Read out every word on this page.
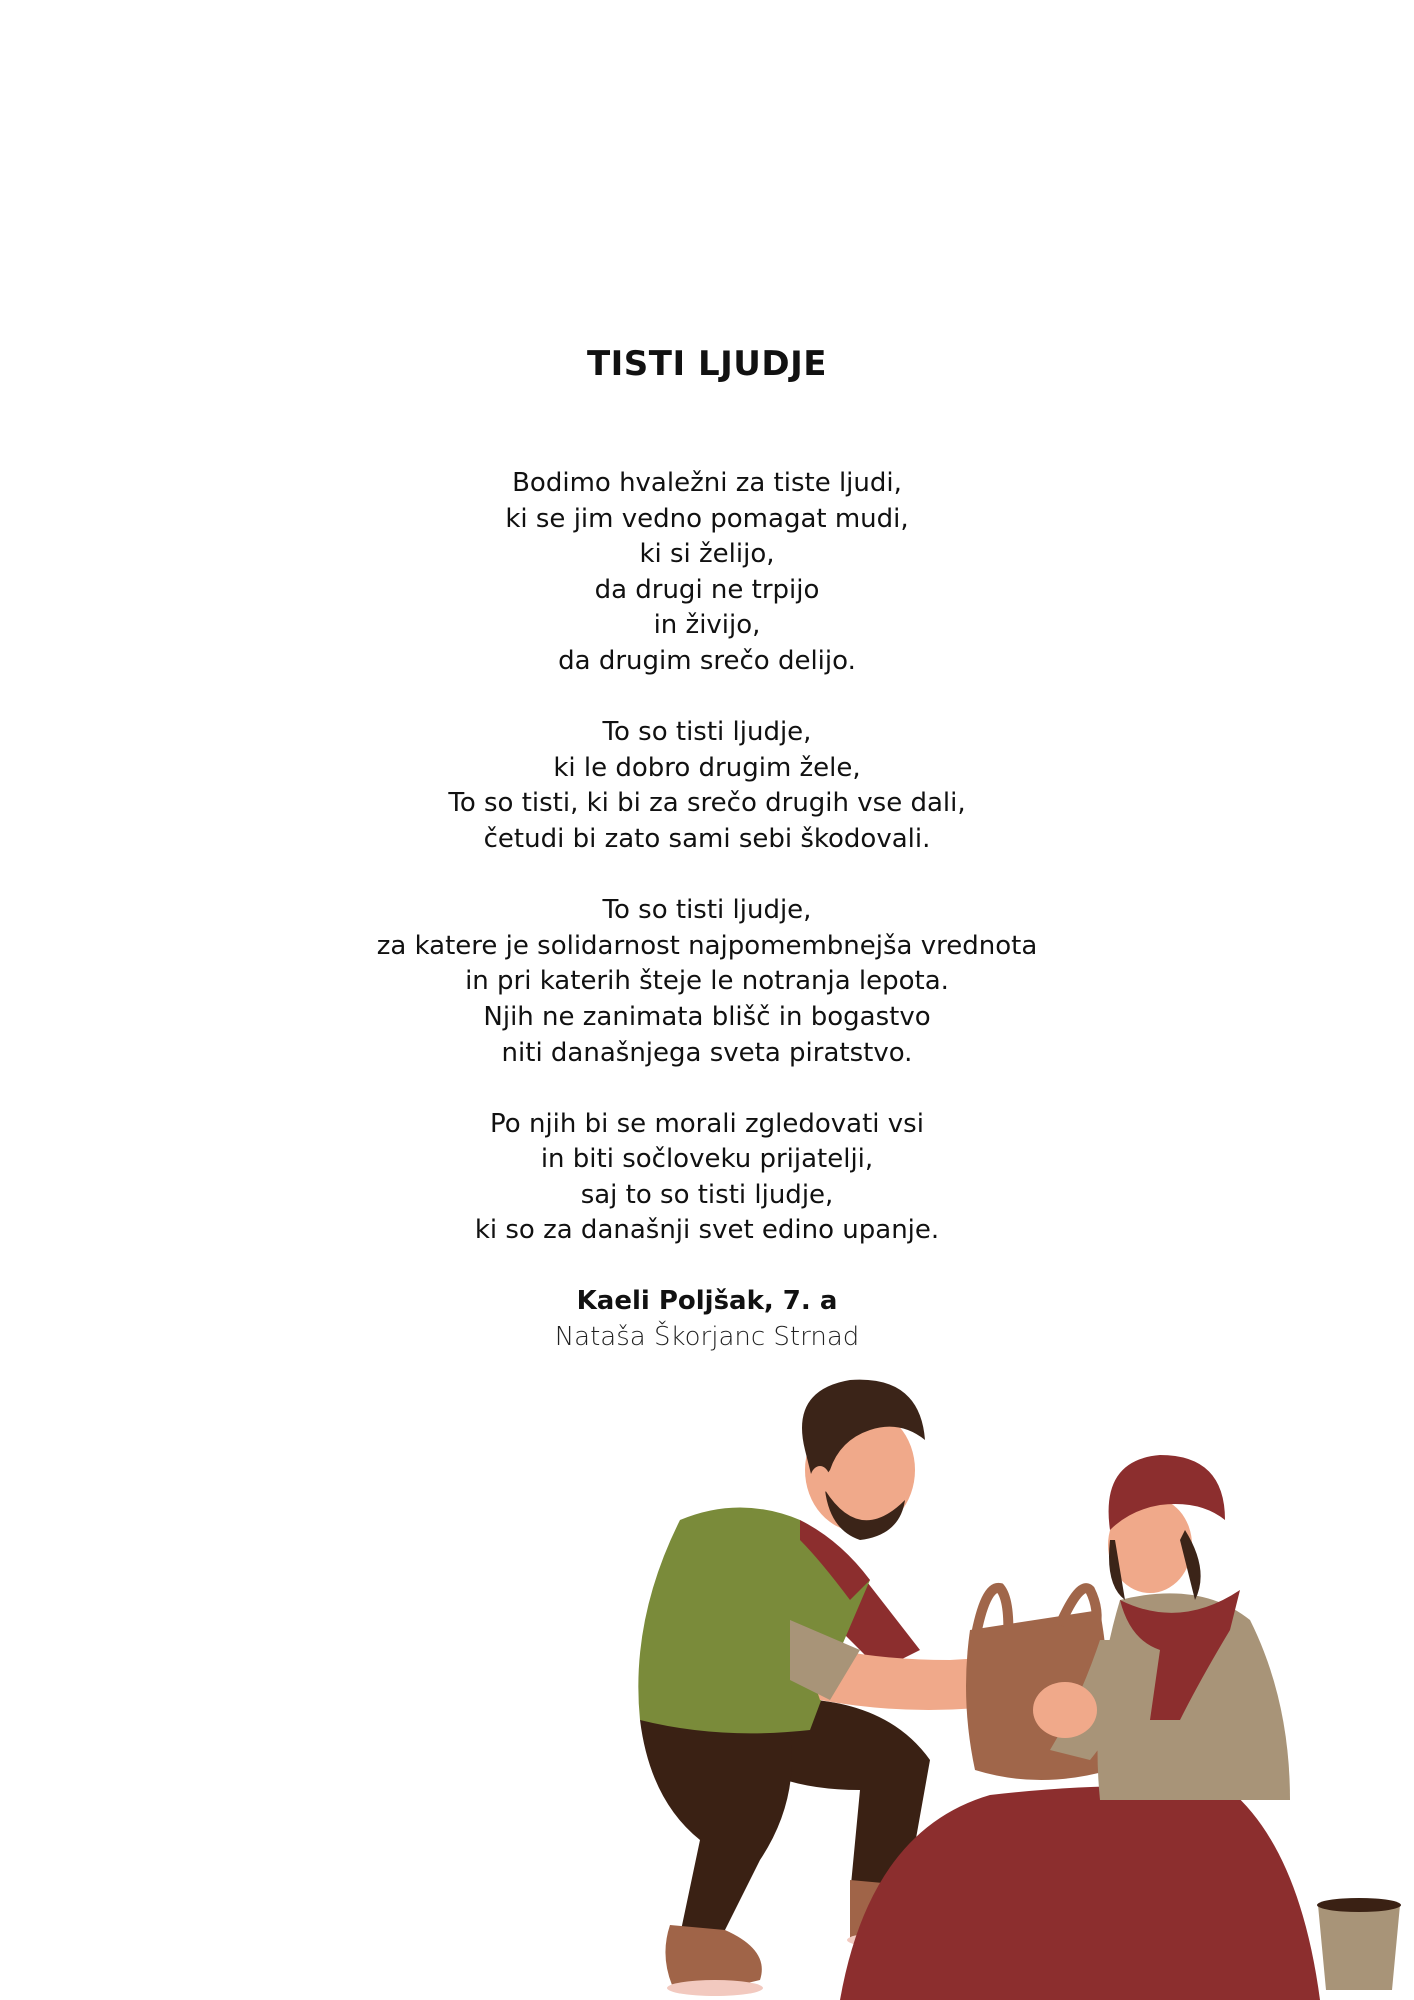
TISTI LJUDJE
Bodimo hvaležni za tiste ljudi,
ki se jim vedno pomagat mudi,
ki si želijo,
da drugi ne trpijo
in živijo,
da drugim srečo delijo.
To so tisti ljudje,
ki le dobro drugim žele,
To so tisti, ki bi za srečo drugih vse dali,
četudi bi zato sami sebi škodovali.
To so tisti ljudje,
za katere je solidarnost najpomembnejša vrednota
in pri katerih šteje le notranja lepota.
Njih ne zanimata blišč in bogastvo
niti današnjega sveta piratstvo.
Po njih bi se morali zgledovati vsi
in biti sočloveku prijatelji,
saj to so tisti ljudje,
ki so za današnji svet edino upanje.
Kaeli Poljšak, 7. a
Nataša Škorjanc Strnad
